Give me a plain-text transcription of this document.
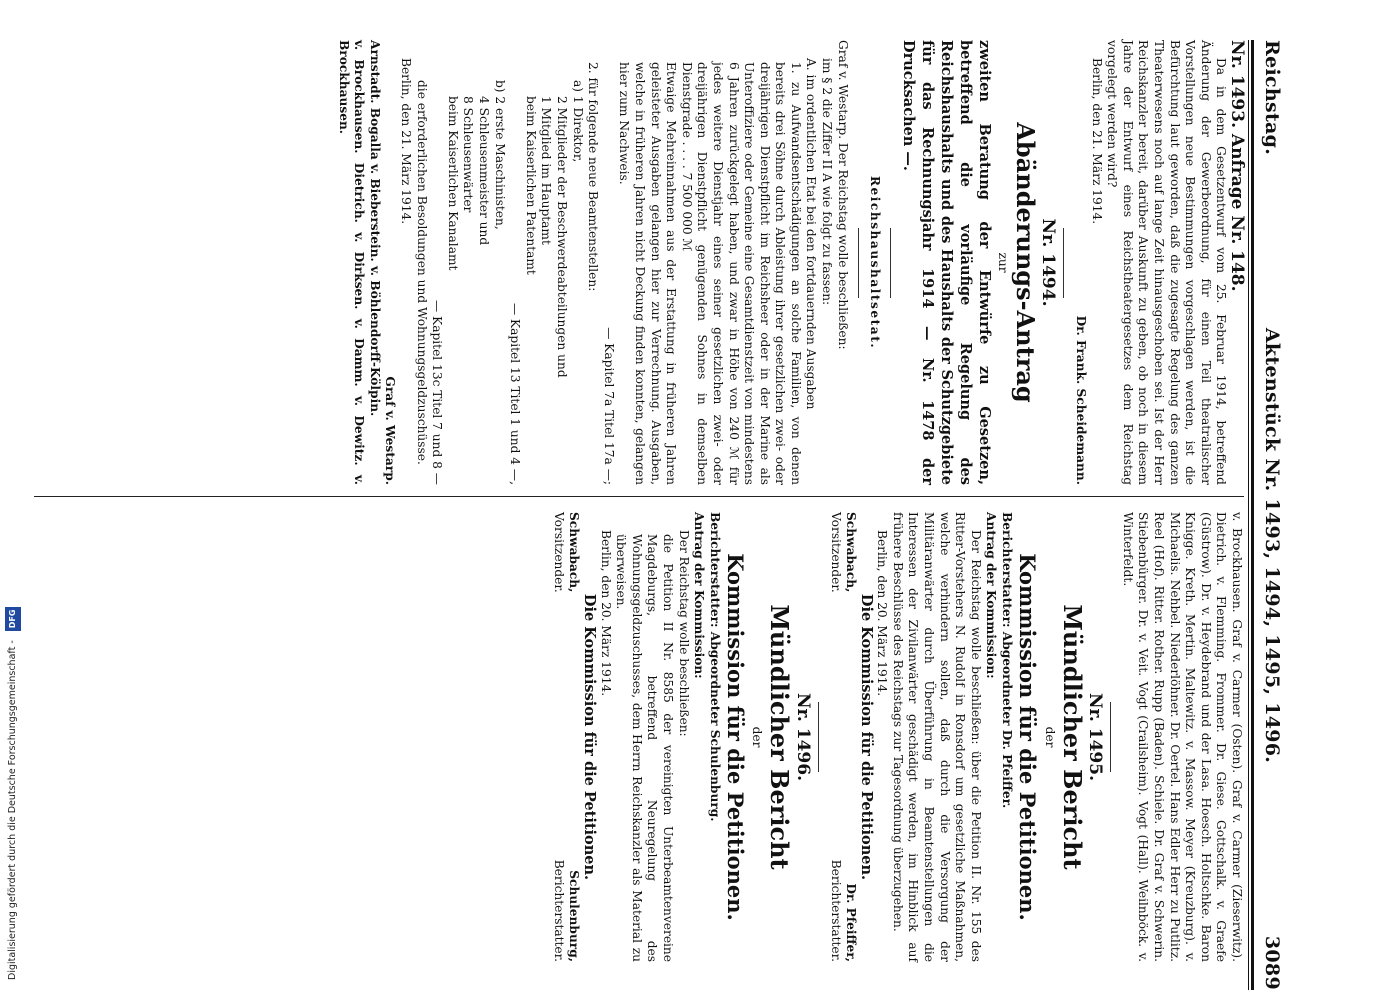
Reichstag.
Aktenstück Nr. 1493, 1494, 1495, 1496.
3089

Nr. 1493. Anfrage Nr. 148.

Da in dem Gesetzentwurf vom 25. Februar 1914, betreffend Änderung der Gewerbeordnung, für einen Teil theatralischer Vorstellungen neue Bestimmungen vorgeschlagen werden, ist die Befürchtung laut geworden, daß die zugesagte Regelung des ganzen Theaterwesens noch auf lange Zeit hinausgeschoben sei. Ist der Herr Reichskanzler bereit, darüber Auskunft zu geben, ob noch in diesem Jahre der Entwurf eines Reichstheatergesetzes dem Reichstag vorgelegt werden wird?

Berlin, den 21. März 1914.

Dr. Frank. Scheidemann.

Nr. 1494.

Abänderungs-Antrag

zur

zweiten Beratung der Entwürfe zu Gesetzen, betreffend die vorläufige Regelung des Reichshaushalts und des Haushalts der Schutzgebiete für das Rechnungsjahr 1914 — Nr. 1478 der Drucksachen —.

Reichshaushaltsetat.

Graf v. Westarp. Der Reichstag wolle beschließen:

im § 2 die Ziffer II A wie folgt zu fassen:

A. im ordentlichen Etat bei den fortdauernden Ausgaben

1. zu Aufwandsentschädigungen an solche Familien, von denen bereits drei Söhne durch Ableistung ihrer gesetzlichen zwei- oder dreijährigen Dienstpflicht im Reichsheer oder in der Marine als Unteroffiziere oder Gemeine eine Gesamtdienstzeit von mindestens 6 Jahren zurückgelegt haben, und zwar in Höhe von 240 ℳ für jedes weitere Dienstjahr eines seiner gesetzlichen zwei- oder dreijährigen Dienstpflicht genügenden Sohnes in demselben Dienstgrade . . . . 7 500 000 ℳ

Etwaige Mehreinnahmen aus der Erstattung in früheren Jahren geleisteter Ausgaben gelangen hier zur Verrechnung. Ausgaben, welche in früheren Jahren nicht Deckung finden konnten, gelangen hier zum Nachweis.

— Kapitel 7a Titel 17a —;

2. für folgende neue Beamtenstellen:

a) 1 Direktor,

2 Mitglieder der Beschwerdeabteilungen und

1 Mitglied im Hauptamt

beim Kaiserlichen Patentamt

— Kapitel 13 Titel 1 und 4 —,

b) 2 erste Maschinisten,

4 Schleusenmeister und

8 Schleusenwärter

beim Kaiserlichen Kanalamt

— Kapitel 13c Titel 7 und 8 —

die erforderlichen Besoldungen und Wohnungsgeldzuschüsse.

Berlin, den 21. März 1914.

Graf v. Westarp.

Arnstadt. Bogalla v. Bieberstein. v. Böhlendorff-Kölpin.

v. Brockhausen. Dietrich. v. Dirksen. v. Damm. v. Dewitz. v. Brockhausen.

v. Brockhausen. Graf v. Carmer (Osten). Graf v. Carmer (Zieserwitz). Dietrich. v. Flemming. Frommer. Dr. Giese. Gottschalk. v. Graefe (Güstrow). Dr. v. Heydebrand und der Lasa. Hoesch. Holtschke. Baron Knigge. Kreth. Mertin. Maltewitz. v. Massow. Meyer (Kreuzburg). v. Michaelis. Nehbel. Niederlöhner. Dr. Oertel. Hans Edler Herr zu Putlitz. Reel (Hof). Ritter. Rother. Rupp (Baden). Schiele. Dr. Graf v. Schwerin. Stiebenbürger. Dr. v. Veit. Vogt (Crailsheim). Vogt (Hall). Weilnböck. v. Winterfeldt.

Nr. 1495.

Mündlicher Bericht

der

Kommission für die Petitionen.

Berichterstatter: Abgeordneter Dr. Pfeiffer.

Antrag der Kommission:

Der Reichstag wolle beschließen: über die Petition II. Nr. 155 des Ritter-Vorstehers N. Rudolf in Ronsdorf um gesetzliche Maßnahmen, welche verhindern sollen, daß durch die Versorgung der Militäranwärter durch Überführung in Beamtenstellungen die Interessen der Zivilanwärter geschädigt werden, im Hinblick auf frühere Beschlüsse des Reichstags zur Tagesordnung überzugehen.

Berlin, den 20. März 1914.

Die Kommission für die Petitionen.

Schwabach,

Vorsitzender.

Dr. Pfeiffer,

Berichterstatter.

Nr. 1496.

Mündlicher Bericht

der

Kommission für die Petitionen.

Berichterstatter: Abgeordneter Schulenburg.

Antrag der Kommission:

Der Reichstag wolle beschließen:

die Petition II Nr. 8585 der vereinigten Unterbeamtenvereine Magdeburgs, betreffend Neuregelung des Wohnungsgeldzuschusses, dem Herrn Reichskanzler als Material zu überweisen.

Berlin, den 20. März 1914.

Die Kommission für die Petitionen.

Schwabach,

Vorsitzender.

Schulenburg,

Berichterstatter.

Digitalisierung gefördert durch die Deutsche Forschungsgemeinschaft - DFG
